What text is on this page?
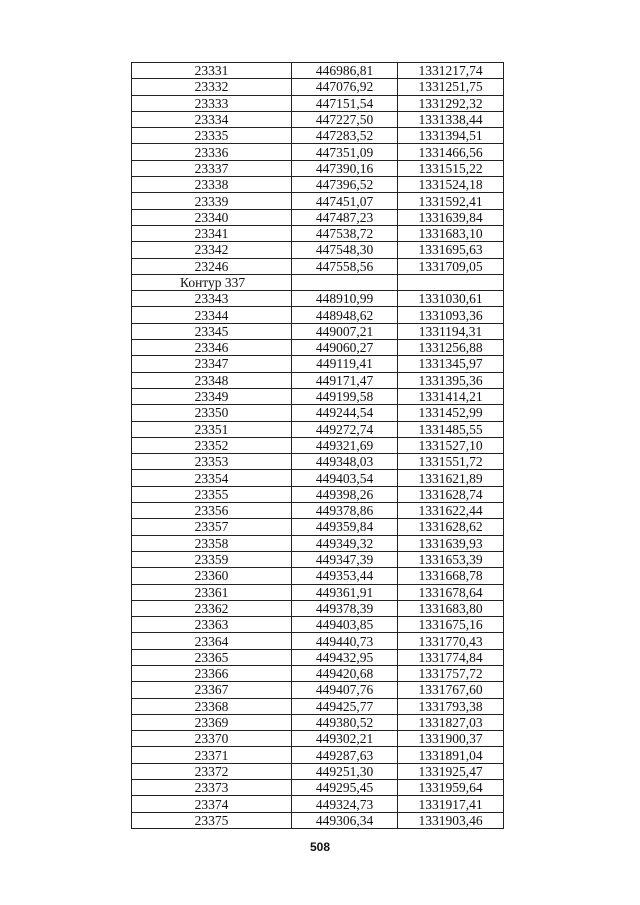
23331	446986,81	1331217,74
23332	447076,92	1331251,75
23333	447151,54	1331292,32
23334	447227,50	1331338,44
23335	447283,52	1331394,51
23336	447351,09	1331466,56
23337	447390,16	1331515,22
23338	447396,52	1331524,18
23339	447451,07	1331592,41
23340	447487,23	1331639,84
23341	447538,72	1331683,10
23342	447548,30	1331695,63
23246	447558,56	1331709,05
Контур 337		
23343	448910,99	1331030,61
23344	448948,62	1331093,36
23345	449007,21	1331194,31
23346	449060,27	1331256,88
23347	449119,41	1331345,97
23348	449171,47	1331395,36
23349	449199,58	1331414,21
23350	449244,54	1331452,99
23351	449272,74	1331485,55
23352	449321,69	1331527,10
23353	449348,03	1331551,72
23354	449403,54	1331621,89
23355	449398,26	1331628,74
23356	449378,86	1331622,44
23357	449359,84	1331628,62
23358	449349,32	1331639,93
23359	449347,39	1331653,39
23360	449353,44	1331668,78
23361	449361,91	1331678,64
23362	449378,39	1331683,80
23363	449403,85	1331675,16
23364	449440,73	1331770,43
23365	449432,95	1331774,84
23366	449420,68	1331757,72
23367	449407,76	1331767,60
23368	449425,77	1331793,38
23369	449380,52	1331827,03
23370	449302,21	1331900,37
23371	449287,63	1331891,04
23372	449251,30	1331925,47
23373	449295,45	1331959,64
23374	449324,73	1331917,41
23375	449306,34	1331903,46
508
